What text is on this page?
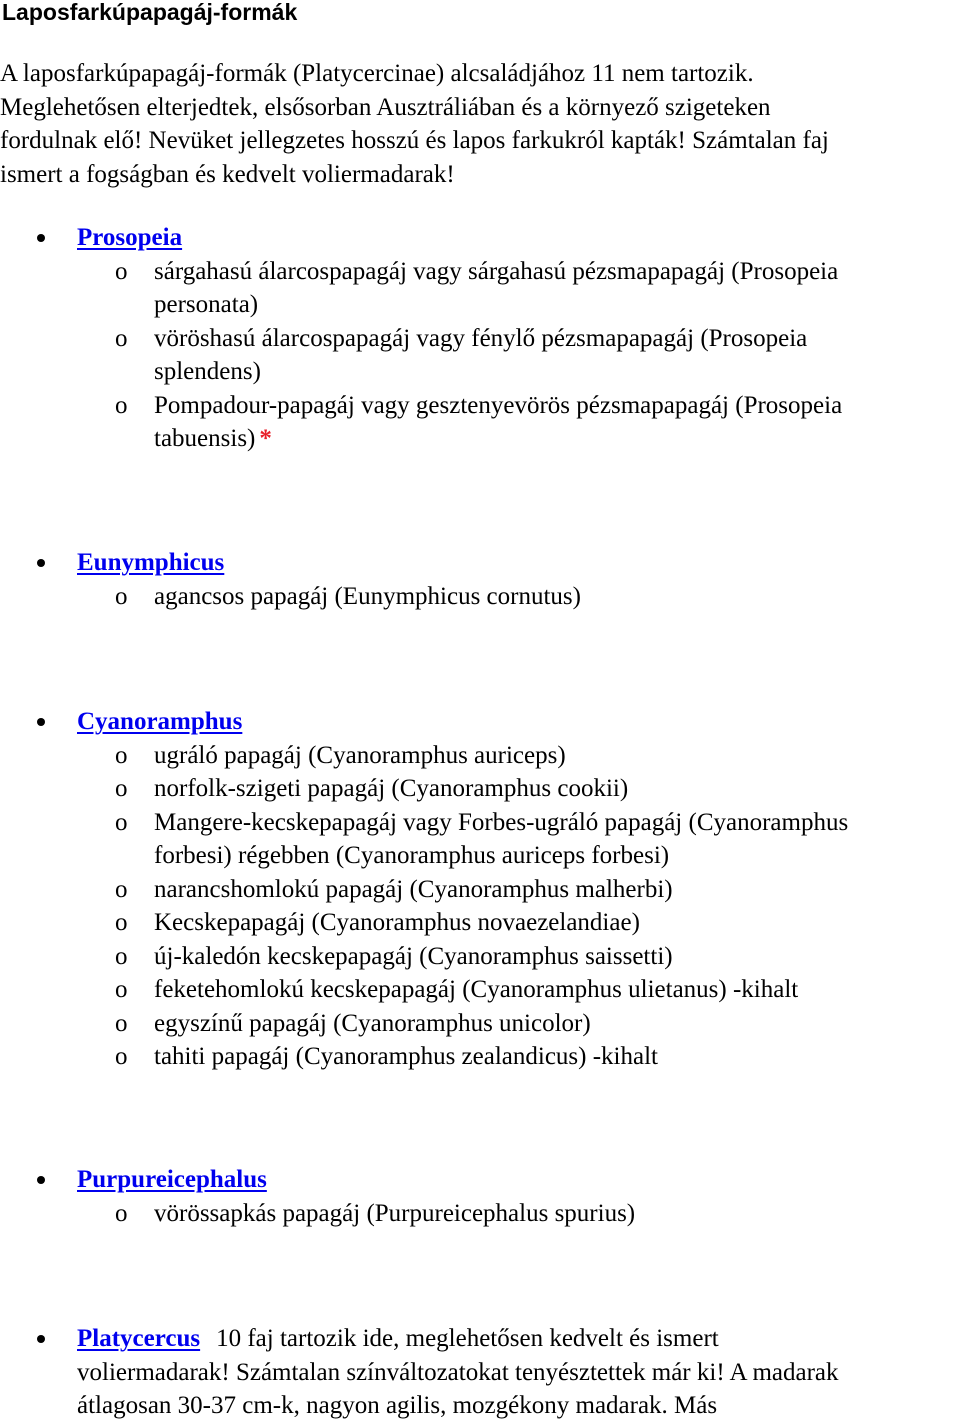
Laposfarkúpapagáj-formák
A laposfarkúpapagáj-formák (Platycercinae) alcsaládjához 11 nem tartozik.
Meglehetősen elterjedtek, elsősorban Ausztráliában és a környező szigeteken
fordulnak elő! Nevüket jellegzetes hosszú és lapos farkukról kapták! Számtalan faj
ismert a fogságban és kedvelt voliermadarak!
Prosopeia
o sárgahasú álarcospapagáj vagy sárgahasú pézsmapapagáj (Prosopeia
personata)
o vöröshasú álarcospapagáj vagy fénylő pézsmapapagáj (Prosopeia
splendens)
o Pompadour-papagáj vagy gesztenyevörös pézsmapapagáj (Prosopeia
tabuensis) *
Eunymphicus
o agancsos papagáj (Eunymphicus cornutus)
Cyanoramphus
o ugráló papagáj (Cyanoramphus auriceps)
o norfolk-szigeti papagáj (Cyanoramphus cookii)
o Mangere-kecskepapagáj vagy Forbes-ugráló papagáj (Cyanoramphus
forbesi) régebben (Cyanoramphus auriceps forbesi)
o narancshomlokú papagáj (Cyanoramphus malherbi)
o Kecskepapagáj (Cyanoramphus novaezelandiae)
o új-kaledón kecskepapagáj (Cyanoramphus saissetti)
o feketehomlokú kecskepapagáj (Cyanoramphus ulietanus) -kihalt
o egyszínű papagáj (Cyanoramphus unicolor)
o tahiti papagáj (Cyanoramphus zealandicus) -kihalt
Purpureicephalus
o vörössapkás papagáj (Purpureicephalus spurius)
Platycercus 10 faj tartozik ide, meglehetősen kedvelt és ismert
voliermadarak! Számtalan színváltozatokat tenyésztettek már ki! A madarak
átlagosan 30-37 cm-k, nagyon agilis, mozgékony madarak. Más
